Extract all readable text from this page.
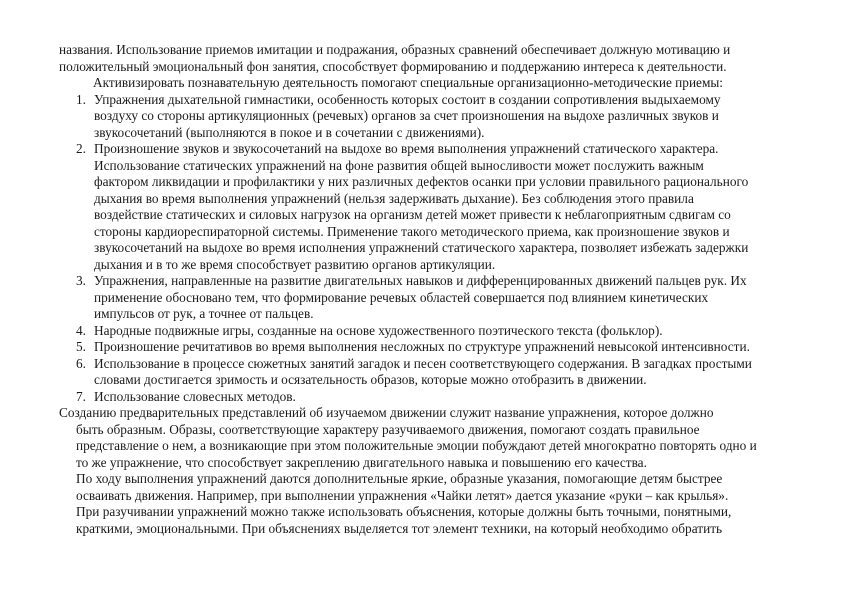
названия. Использование приемов имитации и подражания, образных сравнений обеспечивает должную мотивацию и
положительный эмоциональный фон занятия, способствует формированию и поддержанию интереса к деятельности.
Активизировать познавательную деятельность помогают специальные организационно-методические приемы:
1. Упражнения дыхательной гимнастики, особенность которых состоит в создании сопротивления выдыхаемому
воздуху со стороны артикуляционных (речевых) органов за счет произношения на выдохе различных звуков и
звукосочетаний (выполняются в покое и в сочетании с движениями).
2. Произношение звуков и звукосочетаний на выдохе во время выполнения упражнений статического характера.
Использование статических упражнений на фоне развития общей выносливости может послужить важным
фактором ликвидации и профилактики у них различных дефектов осанки при условии правильного рационального
дыхания во время выполнения упражнений (нельзя задерживать дыхание). Без соблюдения этого правила
воздействие статических и силовых нагрузок на организм детей может привести к неблагоприятным сдвигам со
стороны кардиореспираторной системы. Применение такого методического приема, как произношение звуков и
звукосочетаний на выдохе во время исполнения упражнений статического характера, позволяет избежать задержки
дыхания и в то же время способствует развитию органов артикуляции.
3. Упражнения, направленные на развитие двигательных навыков и дифференцированных движений пальцев рук. Их
применение обосновано тем, что формирование речевых областей совершается под влиянием кинетических
импульсов от рук, а точнее от пальцев.
4. Народные подвижные игры, созданные на основе художественного поэтического текста (фольклор).
5. Произношение речитативов во время выполнения несложных по структуре упражнений невысокой интенсивности.
6. Использование в процессе сюжетных занятий загадок и песен соответствующего содержания. В загадках простыми
словами достигается зримость и осязательность образов, которые можно отобразить в движении.
7. Использование словесных методов.
Созданию предварительных представлений об изучаемом движении служит название упражнения, которое должно
быть образным. Образы, соответствующие характеру разучиваемого движения, помогают создать правильное
представление о нем, а возникающие при этом положительные эмоции побуждают детей многократно повторять одно и
то же упражнение, что способствует закреплению двигательного навыка и повышению его качества.
По ходу выполнения упражнений даются дополнительные яркие, образные указания, помогающие детям быстрее
осваивать движения. Например, при выполнении упражнения «Чайки летят» дается указание «руки – как крылья».
При разучивании упражнений можно также использовать объяснения, которые должны быть точными, понятными,
краткими, эмоциональными. При объяснениях выделяется тот элемент техники, на который необходимо обратить
